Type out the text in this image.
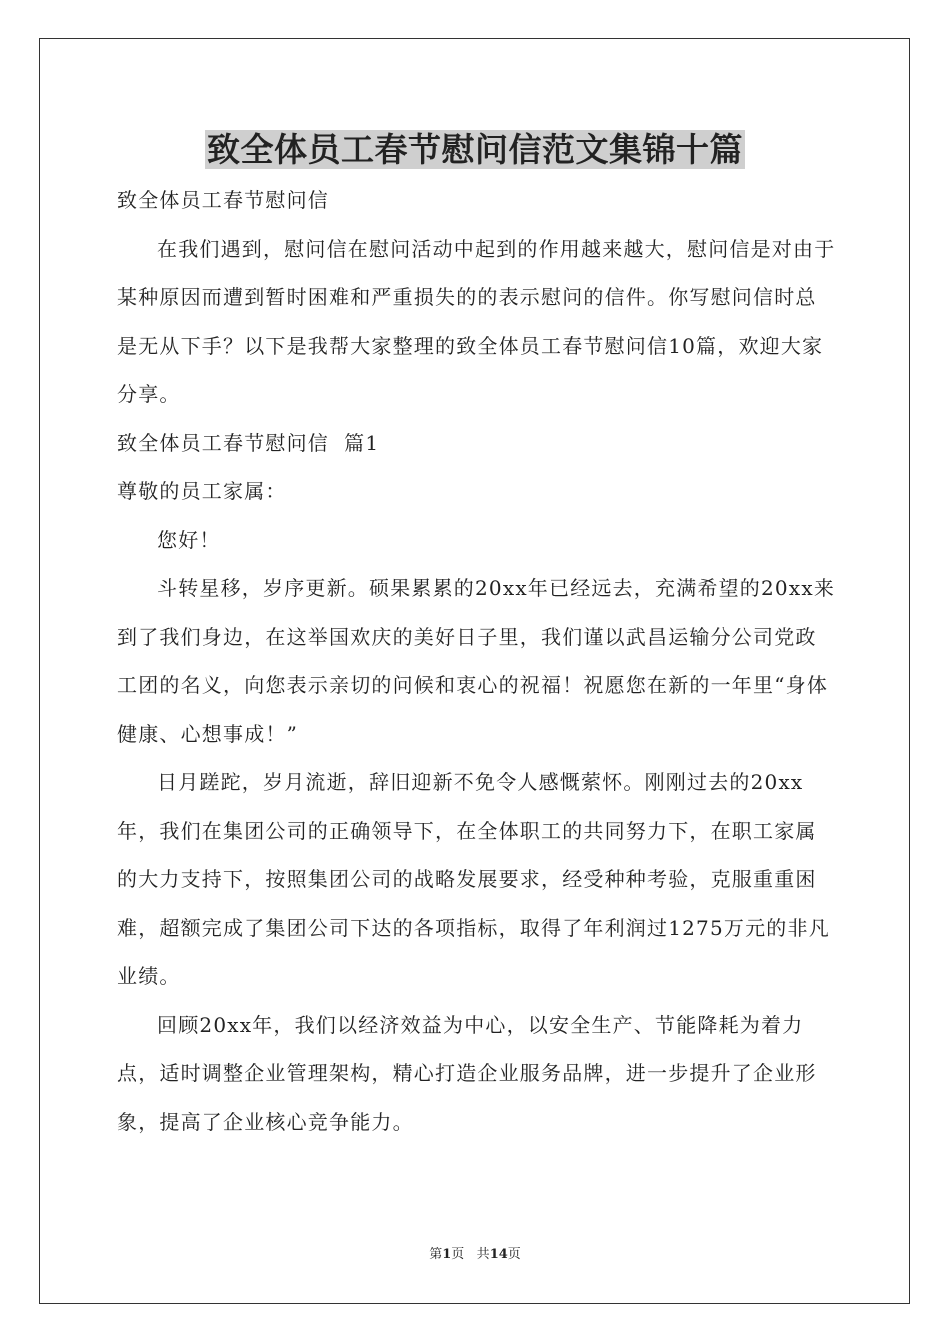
致全体员工春节慰问信范文集锦十篇

致全体员工春节慰问信

在我们遇到，慰问信在慰问活动中起到的作用越来越大，慰问信是对由于某种原因而遭到暂时困难和严重损失的的表示慰问的信件。你写慰问信时总是无从下手？以下是我帮大家整理的致全体员工春节慰问信10篇，欢迎大家分享。

致全体员工春节慰问信  篇1

尊敬的员工家属：

您好！

斗转星移，岁序更新。硕果累累的20xx年已经远去，充满希望的20xx来到了我们身边，在这举国欢庆的美好日子里，我们谨以武昌运输分公司党政工团的名义，向您表示亲切的问候和衷心的祝福！祝愿您在新的一年里“身体健康、心想事成！”

日月蹉跎，岁月流逝，辞旧迎新不免令人感慨萦怀。刚刚过去的20xx年，我们在集团公司的正确领导下，在全体职工的共同努力下，在职工家属的大力支持下，按照集团公司的战略发展要求，经受种种考验，克服重重困难，超额完成了集团公司下达的各项指标，取得了年利润过1275万元的非凡业绩。

回顾20xx年，我们以经济效益为中心，以安全生产、节能降耗为着力点，适时调整企业管理架构，精心打造企业服务品牌，进一步提升了企业形象，提高了企业核心竞争能力。

第1页 共14页
